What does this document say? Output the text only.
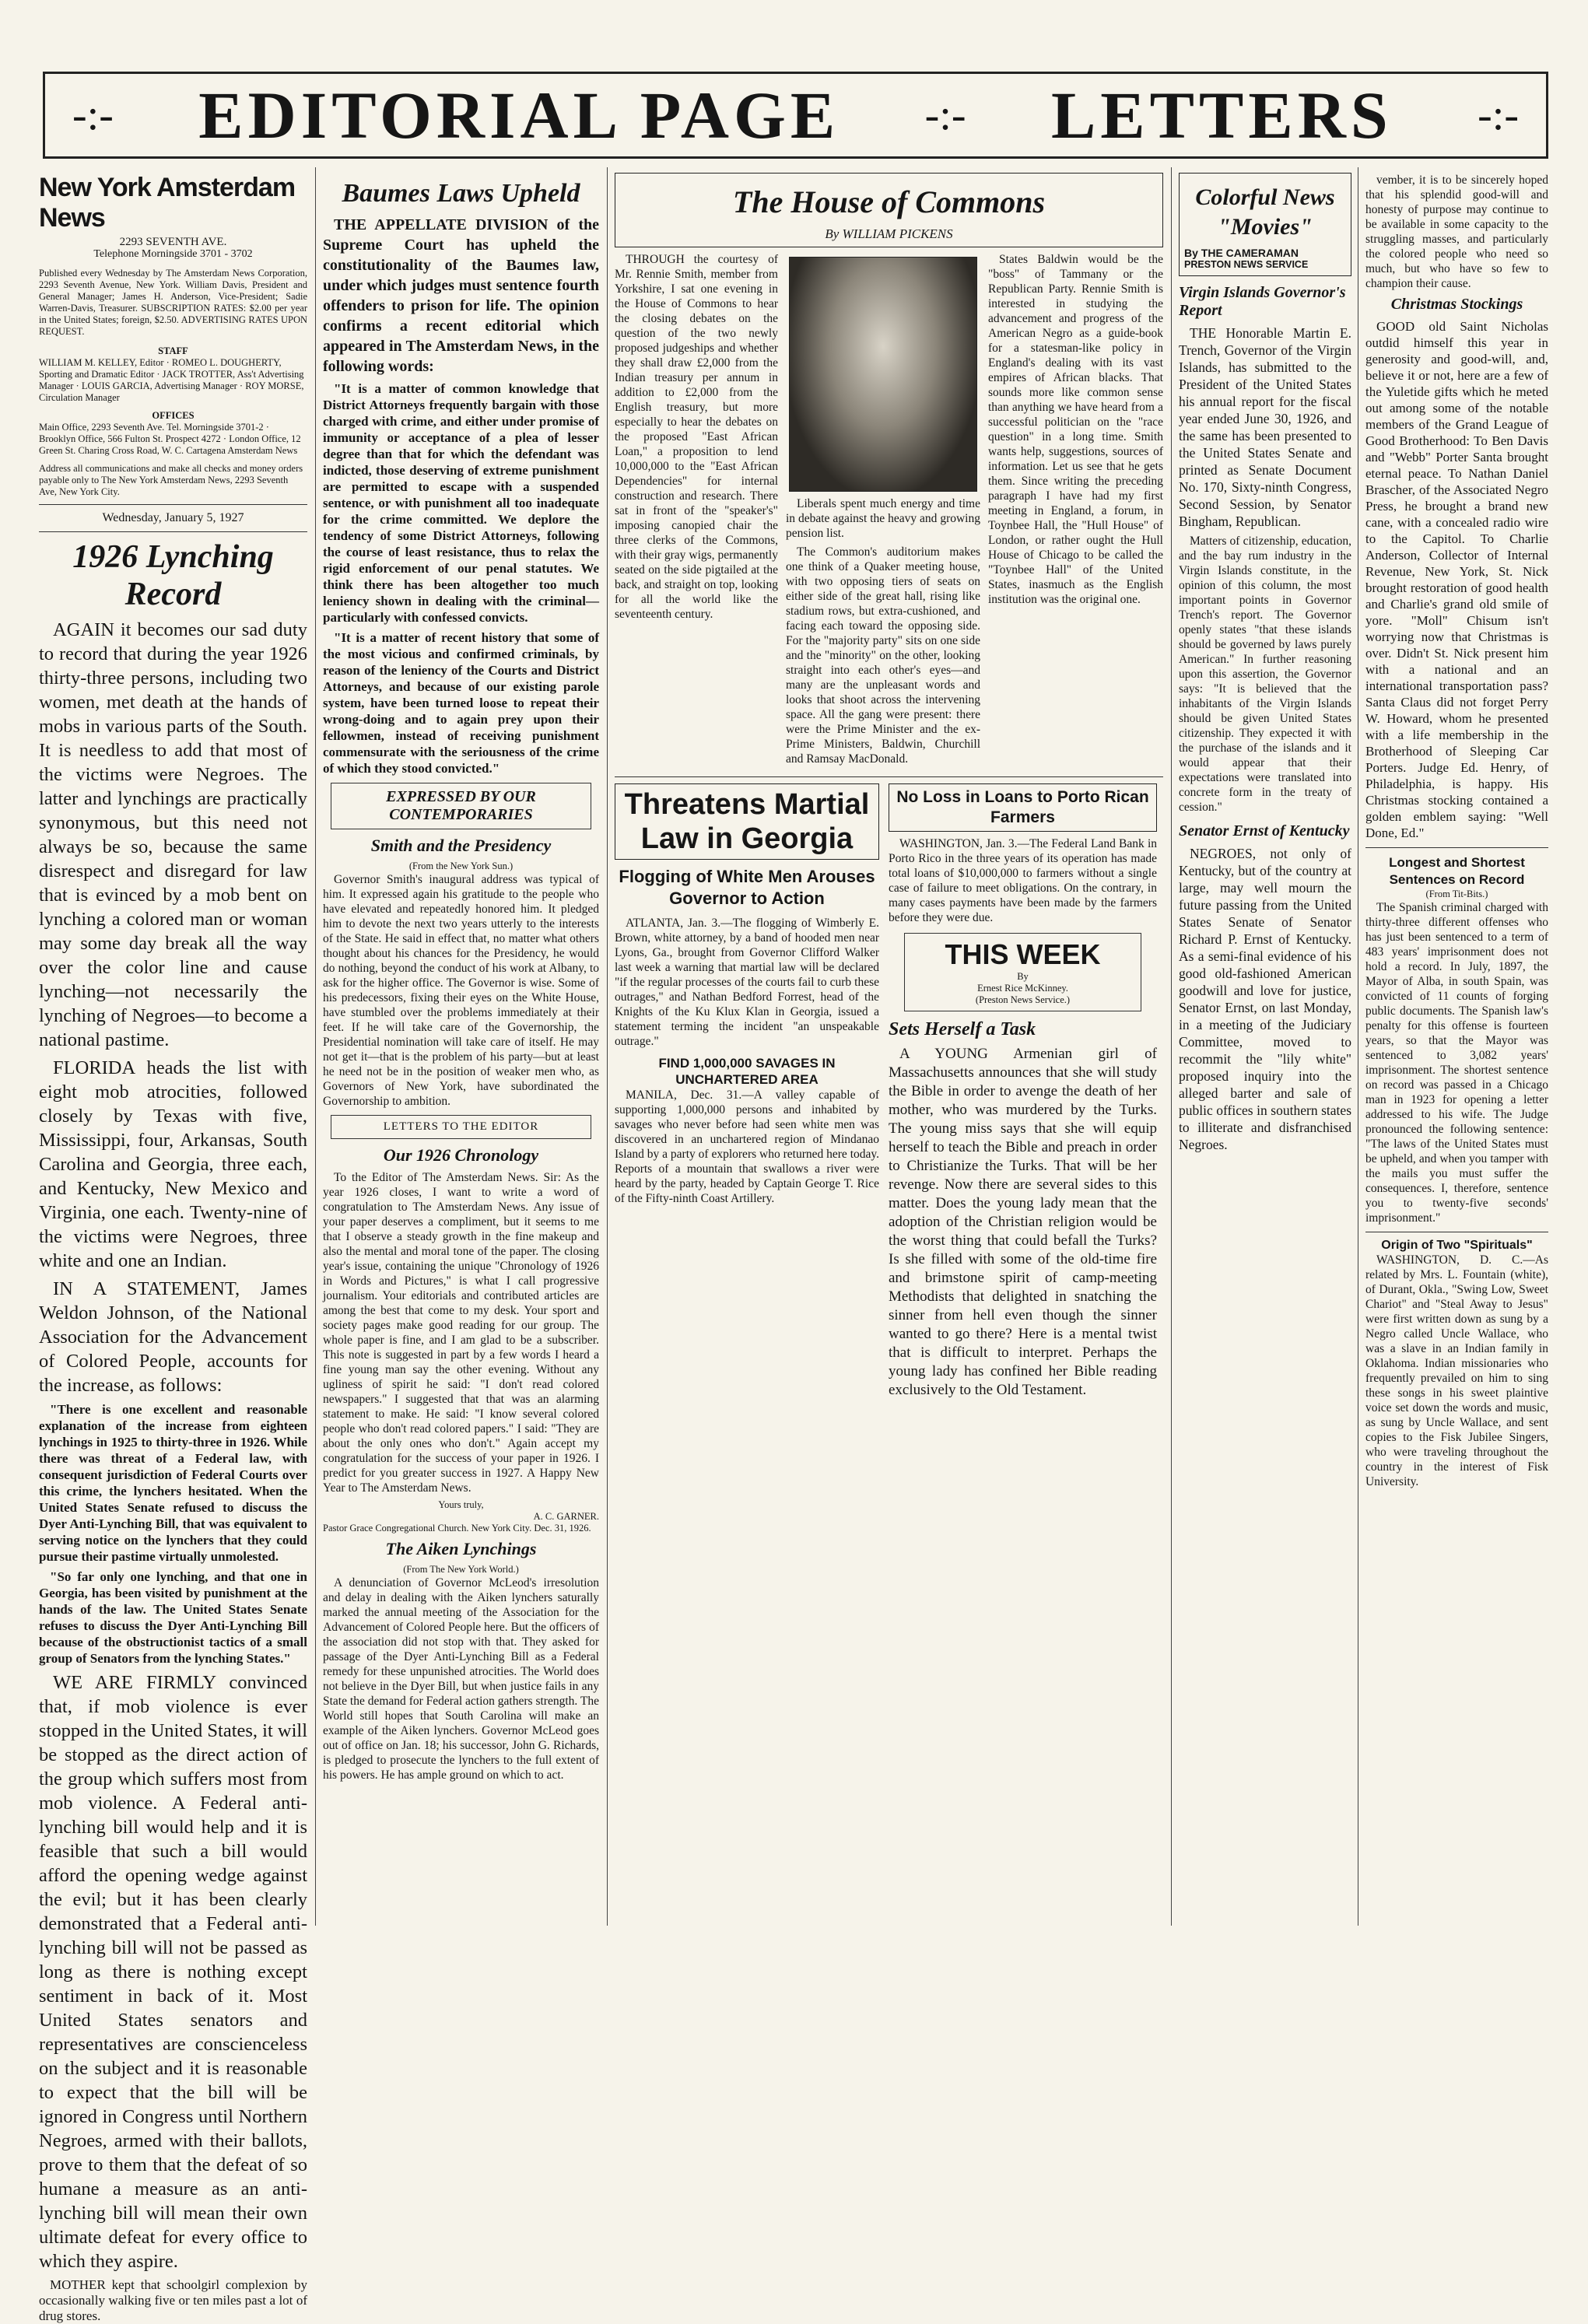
-:- EDITORIAL PAGE -:- LETTERS -:-
New York Amsterdam News
2293 SEVENTH AVE.
Telephone Morningside 3701 - 3702
Published every Wednesday by The Amsterdam News Corporation, 2293 Seventh Avenue, New York. William Davis, President and General Manager; James H. Anderson, Vice-President; Sadie Warren-Davis, Treasurer. SUBSCRIPTION RATES: $2.00 per year in the United States; foreign, $2.50. ADVERTISING RATES UPON REQUEST.
STAFF
WILLIAM M. KELLEY, Editor · ROMEO L. DOUGHERTY, Sporting and Dramatic Editor · JACK TROTTER, Ass't Advertising Manager · LOUIS GARCIA, Advertising Manager · ROY MORSE, Circulation Manager
OFFICES
Main Office, 2293 Seventh Ave. Tel. Morningside 3701-2 · Brooklyn Office, 566 Fulton St. Prospect 4272 · London Office, 12 Green St. Charing Cross Road, W. C. Cartagena Amsterdam News
Address all communications and make all checks and money orders payable only to The New York Amsterdam News, 2293 Seventh Ave, New York City.
Wednesday, January 5, 1927
1926 Lynching Record

AGAIN it becomes our sad duty to record that during the year 1926 thirty-three persons, including two women, met death at the hands of mobs in various parts of the South. It is needless to add that most of the victims were Negroes. The latter and lynchings are practically synonymous, but this need not always be so, because the same disrespect and disregard for law that is evinced by a mob bent on lynching a colored man or woman may some day break all the way over the color line and cause lynching—not necessarily the lynching of Negroes—to become a national pastime.

FLORIDA heads the list with eight mob atrocities, followed closely by Texas with five, Mississippi, four, Arkansas, South Carolina and Georgia, three each, and Kentucky, New Mexico and Virginia, one each. Twenty-nine of the victims were Negroes, three white and one an Indian.

IN A STATEMENT, James Weldon Johnson, of the National Association for the Advancement of Colored People, accounts for the increase, as follows:

"There is one excellent and reasonable explanation of the increase from eighteen lynchings in 1925 to thirty-three in 1926. While there was threat of a Federal law, with consequent jurisdiction of Federal Courts over this crime, the lynchers hesitated. When the United States Senate refused to discuss the Dyer Anti-Lynching Bill, that was equivalent to serving notice on the lynchers that they could pursue their pastime virtually unmolested.

"So far only one lynching, and that one in Georgia, has been visited by punishment at the hands of the law. The United States Senate refuses to discuss the Dyer Anti-Lynching Bill because of the obstructionist tactics of a small group of Senators from the lynching States."

WE ARE FIRMLY convinced that, if mob violence is ever stopped in the United States, it will be stopped as the direct action of the group which suffers most from mob violence. A Federal anti-lynching bill would help and it is feasible that such a bill would afford the opening wedge against the evil; but it has been clearly demonstrated that a Federal anti-lynching bill will not be passed as long as there is nothing except sentiment in back of it. Most United States senators and representatives are conscienceless on the subject and it is reasonable to expect that the bill will be ignored in Congress until Northern Negroes, armed with their ballots, prove to them that the defeat of so humane a measure as an anti-lynching bill will mean their own ultimate defeat for every office to which they aspire.

MOTHER kept that schoolgirl complexion by occasionally walking five or ten miles past a lot of drug stores.

Baumes Laws Upheld

THE APPELLATE DIVISION of the Supreme Court has upheld the constitutionality of the Baumes law, under which judges must sentence fourth offenders to prison for life. The opinion confirms a recent editorial which appeared in The Amsterdam News, in the following words:

"It is a matter of common knowledge that District Attorneys frequently bargain with those charged with crime, and either under promise of immunity or acceptance of a plea of lesser degree than that for which the defendant was indicted, those deserving of extreme punishment are permitted to escape with a suspended sentence, or with punishment all too inadequate for the crime committed. We deplore the tendency of some District Attorneys, following the course of least resistance, thus to relax the rigid enforcement of our penal statutes. We think there has been altogether too much leniency shown in dealing with the criminal—particularly with confessed convicts.

"It is a matter of recent history that some of the most vicious and confirmed criminals, by reason of the leniency of the Courts and District Attorneys, and because of our existing parole system, have been turned loose to repeat their wrong-doing and to again prey upon their fellowmen, instead of receiving punishment commensurate with the seriousness of the crime of which they stood convicted."

EXPRESSED BY OUR CONTEMPORARIES
Smith and the Presidency
(From the New York Sun.)

Governor Smith's inaugural address was typical of him. It expressed again his gratitude to the people who have elevated and repeatedly honored him. It pledged him to devote the next two years utterly to the interests of the State. He said in effect that, no matter what others thought about his chances for the Presidency, he would do nothing, beyond the conduct of his work at Albany, to ask for the higher office. The Governor is wise. Some of his predecessors, fixing their eyes on the White House, have stumbled over the problems immediately at their feet. If he will take care of the Governorship, the Presidential nomination will take care of itself. He may not get it—that is the problem of his party—but at least he need not be in the position of weaker men who, as Governors of New York, have subordinated the Governorship to ambition.

LETTERS TO THE EDITOR
Our 1926 Chronology

To the Editor of The Amsterdam News. Sir: As the year 1926 closes, I want to write a word of congratulation to The Amsterdam News. Any issue of your paper deserves a compliment, but it seems to me that I observe a steady growth in the fine makeup and also the mental and moral tone of the paper. The closing year's issue, containing the unique "Chronology of 1926 in Words and Pictures," is what I call progressive journalism. Your editorials and contributed articles are among the best that come to my desk. Your sport and society pages make good reading for our group. The whole paper is fine, and I am glad to be a subscriber. This note is suggested in part by a few words I heard a fine young man say the other evening. Without any ugliness of spirit he said: "I don't read colored newspapers." I suggested that that was an alarming statement to make. He said: "I know several colored people who don't read colored papers." I said: "They are about the only ones who don't." Again accept my congratulation for the success of your paper in 1926. I predict for you greater success in 1927. A Happy New Year to The Amsterdam News.

Yours truly,
A. C. GARNER.
Pastor Grace Congregational Church. New York City. Dec. 31, 1926.
The Aiken Lynchings
(From The New York World.)

A denunciation of Governor McLeod's irresolution and delay in dealing with the Aiken lynchers saturally marked the annual meeting of the Association for the Advancement of Colored People here. But the officers of the association did not stop with that. They asked for passage of the Dyer Anti-Lynching Bill as a Federal remedy for these unpunished atrocities. The World does not believe in the Dyer Bill, but when justice fails in any State the demand for Federal action gathers strength. The World still hopes that South Carolina will make an example of the Aiken lynchers. Governor McLeod goes out of office on Jan. 18; his successor, John G. Richards, is pledged to prosecute the lynchers to the full extent of his powers. He has ample ground on which to act.

The House of Commons
By WILLIAM PICKENS

THROUGH the courtesy of Mr. Rennie Smith, member from Yorkshire, I sat one evening in the House of Commons to hear the closing debates on the question of the two newly proposed judgeships and whether they shall draw £2,000 from the Indian treasury per annum in addition to £2,000 from the English treasury, but more especially to hear the debates on the proposed "East African Loan," a proposition to lend 10,000,000 to the "East African Dependencies" for internal construction and research. There sat in front of the "speaker's" imposing canopied chair the three clerks of the Commons, with their gray wigs, permanently seated on the side pigtailed at the back, and straight on top, looking for all the world like the seventeenth century.

Liberals spent much energy and time in debate against the heavy and growing pension list.

The Common's auditorium makes one think of a Quaker meeting house, with two opposing tiers of seats on either side of the great hall, rising like stadium rows, but extra-cushioned, and facing each toward the opposing side. For the "majority party" sits on one side and the "minority" on the other, looking straight into each other's eyes—and many are the unpleasant words and looks that shoot across the intervening space. All the gang were present: there were the Prime Minister and the ex-Prime Ministers, Baldwin, Churchill and Ramsay MacDonald.

States Baldwin would be the "boss" of Tammany or the Republican Party. Rennie Smith is interested in studying the advancement and progress of the American Negro as a guide-book for a statesman-like policy in England's dealing with its vast empires of African blacks. That sounds more like common sense than anything we have heard from a successful politician on the "race question" in a long time. Smith wants help, suggestions, sources of information. Let us see that he gets them. Since writing the preceding paragraph I have had my first meeting in England, a forum, in Toynbee Hall, the "Hull House" of London, or rather ought the Hull House of Chicago to be called the "Toynbee Hall" of the United States, inasmuch as the English institution was the original one.

Threatens Martial Law in Georgia
Flogging of White Men Arouses Governor to Action

ATLANTA, Jan. 3.—The flogging of Wimberly E. Brown, white attorney, by a band of hooded men near Lyons, Ga., brought from Governor Clifford Walker last week a warning that martial law will be declared "if the regular processes of the courts fail to curb these outrages," and Nathan Bedford Forrest, head of the Knights of the Ku Klux Klan in Georgia, issued a statement terming the incident "an unspeakable outrage."

FIND 1,000,000 SAVAGES IN UNCHARTERED AREA

MANILA, Dec. 31.—A valley capable of supporting 1,000,000 persons and inhabited by savages who never before had seen white men was discovered in an unchartered region of Mindanao Island by a party of explorers who returned here today. Reports of a mountain that swallows a river were heard by the party, headed by Captain George T. Rice of the Fifty-ninth Coast Artillery.

No Loss in Loans to Porto Rican Farmers

WASHINGTON, Jan. 3.—The Federal Land Bank in Porto Rico in the three years of its operation has made total loans of $10,000,000 to farmers without a single case of failure to meet obligations. On the contrary, in many cases payments have been made by the farmers before they were due.

THIS WEEK
By
Ernest Rice McKinney.
(Preston News Service.)
Sets Herself a Task

A YOUNG Armenian girl of Massachusetts announces that she will study the Bible in order to avenge the death of her mother, who was murdered by the Turks. The young miss says that she will equip herself to teach the Bible and preach in order to Christianize the Turks. That will be her revenge. Now there are several sides to this matter. Does the young lady mean that the adoption of the Christian religion would be the worst thing that could befall the Turks? Is she filled with some of the old-time fire and brimstone spirit of camp-meeting Methodists that delighted in snatching the sinner from hell even though the sinner wanted to go there? Here is a mental twist that is difficult to interpret. Perhaps the young lady has confined her Bible reading exclusively to the Old Testament.

Colorful News "Movies"
By THE CAMERAMAN
PRESTON NEWS SERVICE
Virgin Islands Governor's Report

THE Honorable Martin E. Trench, Governor of the Virgin Islands, has submitted to the President of the United States his annual report for the fiscal year ended June 30, 1926, and the same has been presented to the United States Senate and printed as Senate Document No. 170, Sixty-ninth Congress, Second Session, by Senator Bingham, Republican.

Matters of citizenship, education, and the bay rum industry in the Virgin Islands constitute, in the opinion of this column, the most important points in Governor Trench's report. The Governor openly states "that these islands should be governed by laws purely American." In further reasoning upon this assertion, the Governor says: "It is believed that the inhabitants of the Virgin Islands should be given United States citizenship. They expected it with the purchase of the islands and it would appear that their expectations were translated into concrete form in the treaty of cession."

Senator Ernst of Kentucky

NEGROES, not only of Kentucky, but of the country at large, may well mourn the future passing from the United States Senate of Senator Richard P. Ernst of Kentucky. As a semi-final evidence of his good old-fashioned American goodwill and love for justice, Senator Ernst, on last Monday, in a meeting of the Judiciary Committee, moved to recommit the "lily white" proposed inquiry into the alleged barter and sale of public offices in southern states to illiterate and disfranchised Negroes.

vember, it is to be sincerely hoped that his splendid good-will and honesty of purpose may continue to be available in some capacity to the struggling masses, and particularly the colored people who need so much, but who have so few to champion their cause.

Christmas Stockings

GOOD old Saint Nicholas outdid himself this year in generosity and good-will, and, believe it or not, here are a few of the Yuletide gifts which he meted out among some of the notable members of the Grand League of Good Brotherhood: To Ben Davis and "Webb" Porter Santa brought eternal peace. To Nathan Daniel Brascher, of the Associated Negro Press, he brought a brand new cane, with a concealed radio wire to the Capitol. To Charlie Anderson, Collector of Internal Revenue, New York, St. Nick brought restoration of good health and Charlie's grand old smile of yore. "Moll" Chisum isn't worrying now that Christmas is over. Didn't St. Nick present him with a national and an international transportation pass? Santa Claus did not forget Perry W. Howard, whom he presented with a life membership in the Brotherhood of Sleeping Car Porters. Judge Ed. Henry, of Philadelphia, is happy. His Christmas stocking contained a golden emblem saying: "Well Done, Ed."

Longest and Shortest Sentences on Record
(From Tit-Bits.)

The Spanish criminal charged with thirty-three different offenses who has just been sentenced to a term of 483 years' imprisonment does not hold a record. In July, 1897, the Mayor of Alba, in south Spain, was convicted of 11 counts of forging public documents. The Spanish law's penalty for this offense is fourteen years, so that the Mayor was sentenced to 3,082 years' imprisonment. The shortest sentence on record was passed in a Chicago man in 1923 for opening a letter addressed to his wife. The Judge pronounced the following sentence: "The laws of the United States must be upheld, and when you tamper with the mails you must suffer the consequences. I, therefore, sentence you to twenty-five seconds' imprisonment."

Origin of Two "Spirituals"

WASHINGTON, D. C.—As related by Mrs. L. Fountain (white), of Durant, Okla., "Swing Low, Sweet Chariot" and "Steal Away to Jesus" were first written down as sung by a Negro called Uncle Wallace, who was a slave in an Indian family in Oklahoma. Indian missionaries who frequently prevailed on him to sing these songs in his sweet plaintive voice set down the words and music, as sung by Uncle Wallace, and sent copies to the Fisk Jubilee Singers, who were traveling throughout the country in the interest of Fisk University.
